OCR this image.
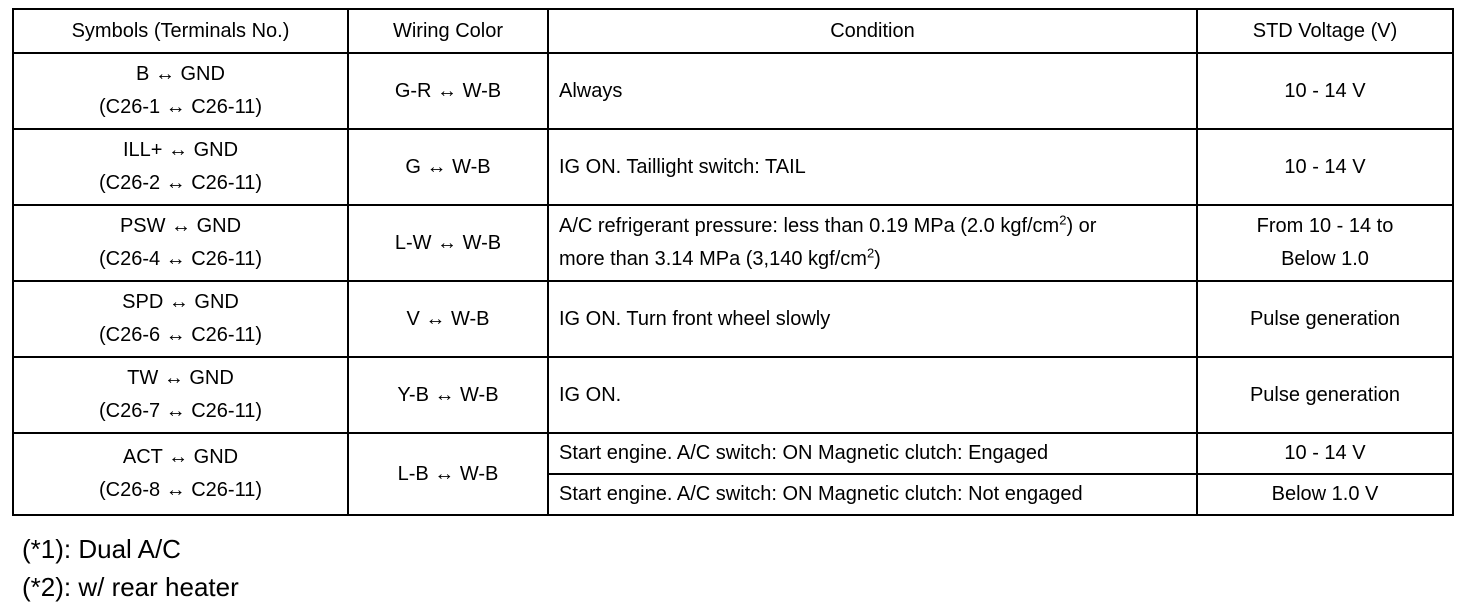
Symbols (Terminals No.)	Wiring Color	Condition	STD Voltage (V)

B ↔ GND
(C26-1 ↔ C26-11)	G-R ↔ W-B	Always	10 - 14 V

ILL+ ↔ GND
(C26-2 ↔ C26-11)	G ↔ W-B	IG ON. Taillight switch: TAIL	10 - 14 V

PSW ↔ GND
(C26-4 ↔ C26-11)	L-W ↔ W-B	A/C refrigerant pressure: less than 0.19 MPa (2.0 kgf/$cm^2$) or
more than 3.14 MPa (3,140 kgf/$cm^2$)	From 10 - 14 to
Below 1.0

SPD ↔ GND
(C26-6 ↔ C26-11)	V ↔ W-B	IG ON. Turn front wheel slowly	Pulse generation

TW ↔ GND
(C26-7 ↔ C26-11)	Y-B ↔ W-B	IG ON.	Pulse generation

ACT ↔ GND
(C26-8 ↔ C26-11)	L-B ↔ W-B	Start engine. A/C switch: ON Magnetic clutch: Engaged	10 - 14 V
		Start engine. A/C switch: ON Magnetic clutch: Not engaged	Below 1.0 V
(*1): Dual A/C
(*2): w/ rear heater
